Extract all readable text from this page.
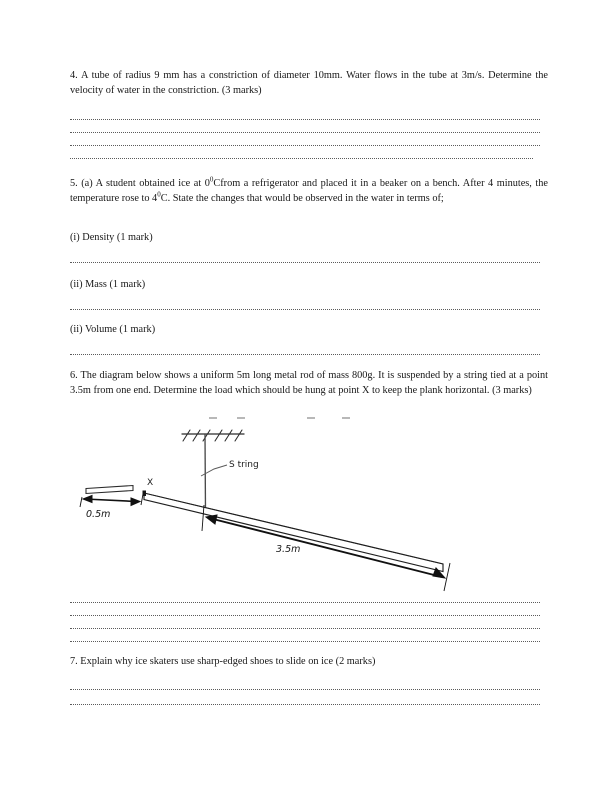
4. A tube of radius 9 mm has a constriction of diameter 10mm. Water flows in the tube at 3m/s. Determine the velocity of water in the constriction. (3 marks)
5. (a) A student obtained ice at $0^0Cfrom$ a refrigerator and placed it in a beaker on a bench. After 4 minutes, the temperature rose to $4^0C$. State the changes that would be observed in the water in terms of;
(i) Density (1 mark)
(ii) Mass (1 mark)
(ii) Volume (1 mark)
6. The diagram below shows a uniform 5m long metal rod of mass 800g. It is suspended by a string tied at a point 3.5m from one end. Determine the load which should be hung at point X to keep the plank horizontal. (3 marks)
S tring
X
0.5m
3.5m
7. Explain why ice skaters use sharp-edged shoes to slide on ice (2 marks)
